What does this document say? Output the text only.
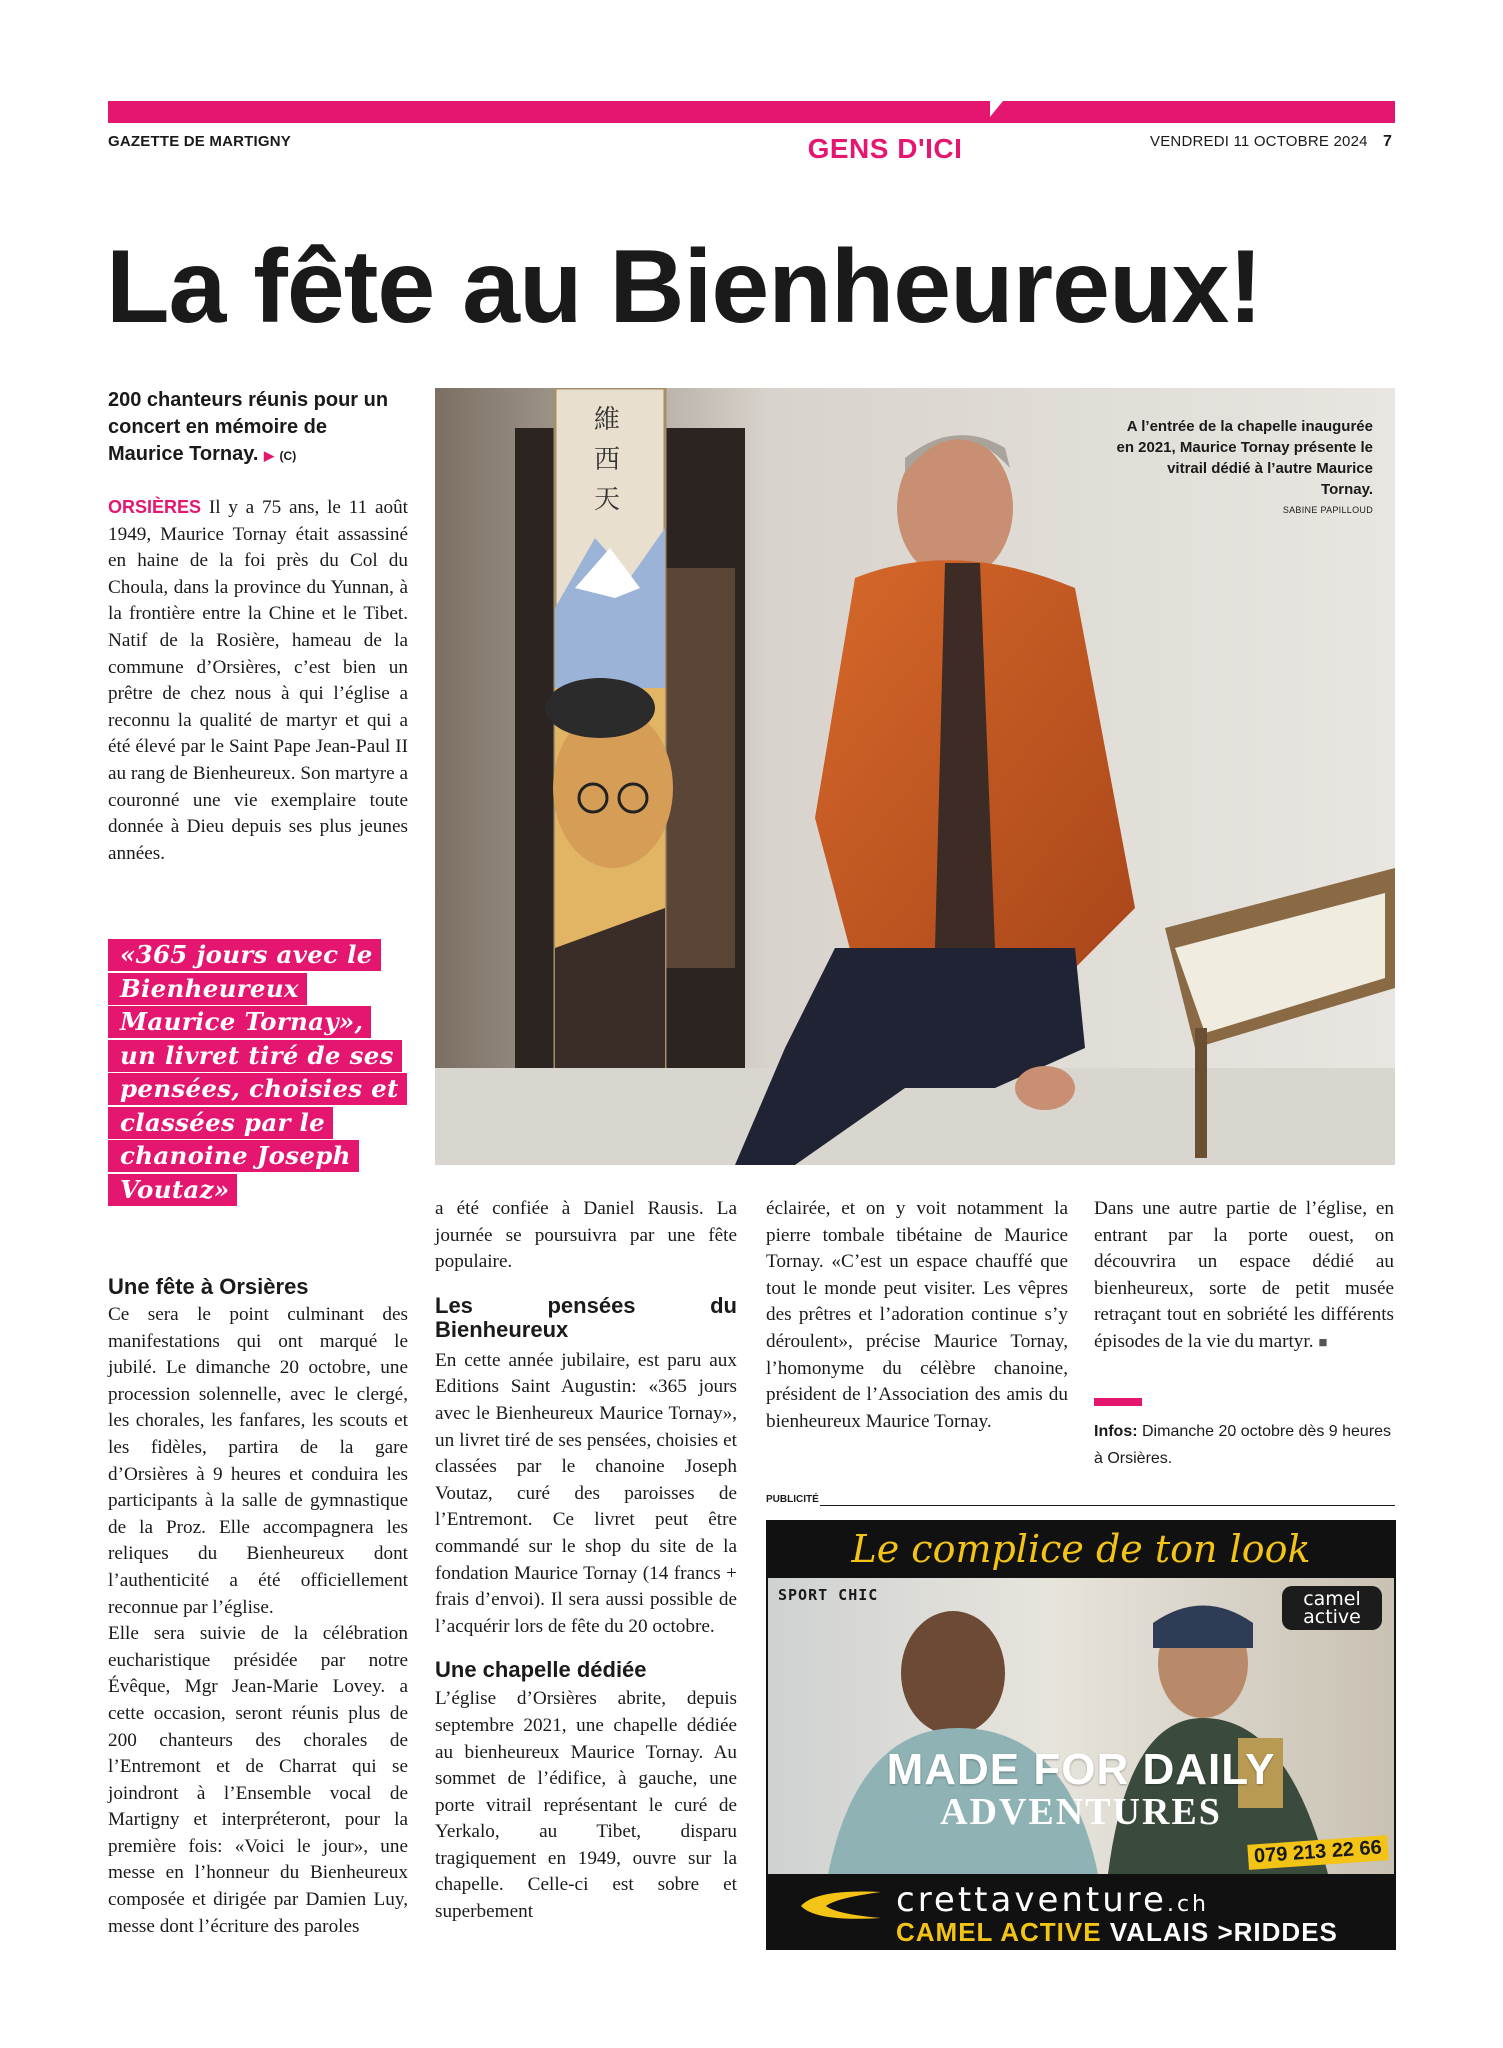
GAZETTE DE MARTIGNY	GENS D'ICI	VENDREDI 11 OCTOBRE 2024 7
La fête au Bienheureux!
200 chanteurs réunis pour un concert en mémoire de Maurice Tornay. ▶ (C)

ORSIÈRES Il y a 75 ans, le 11 août 1949, Maurice Tornay était assassiné en haine de la foi près du Col du Choula, dans la province du Yunnan, à la frontière entre la Chine et le Tibet. Natif de la Rosière, hameau de la commune d’Orsières, c’est bien un prêtre de chez nous à qui l’église a reconnu la qualité de martyr et qui a été élevé par le Saint Pape Jean-Paul II au rang de Bienheureux. Son martyre a couronné une vie exemplaire toute donnée à Dieu depuis ses plus jeunes années.

«365 jours avec le Bienheureux Maurice Tornay», un livret tiré de ses pensées, choisies et classées par le chanoine Joseph Voutaz»
Une fête à Orsières

Ce sera le point culminant des manifestations qui ont marqué le jubilé. Le dimanche 20 octobre, une procession solennelle, avec le clergé, les chorales, les fanfares, les scouts et les fidèles, partira de la gare d’Orsières à 9 heures et conduira les participants à la salle de gymnastique de la Proz. Elle accompagnera les reliques du Bienheureux dont l’authenticité a été officiellement reconnue par l’église.

Elle sera suivie de la célébration eucharistique présidée par notre Évêque, Mgr Jean-Marie Lovey. a cette occasion, seront réunis plus de 200 chanteurs des chorales de l’Entremont et de Charrat qui se joindront à l’Ensemble vocal de Martigny et interpréteront, pour la première fois: «Voici le jour», une messe en l’honneur du Bienheureux composée et dirigée par Damien Luy, messe dont l’écriture des paroles

維
西
天
A l’entrée de la chapelle inaugurée en 2021, Maurice Tornay présente le vitrail dédié à l’autre Maurice Tornay.
SABINE PAPILLOUD

a été confiée à Daniel Rausis. La journée se poursuivra par une fête populaire.

Les pensées du Bienheureux

En cette année jubilaire, est paru aux Editions Saint Augustin: «365 jours avec le Bienheureux Maurice Tornay», un livret tiré de ses pensées, choisies et classées par le chanoine Joseph Voutaz, curé des paroisses de l’Entremont. Ce livret peut être commandé sur le shop du site de la fondation Maurice Tornay (14 francs + frais d’envoi). Il sera aussi possible de l’acquérir lors de fête du 20 octobre.

Une chapelle dédiée

L’église d’Orsières abrite, depuis septembre 2021, une chapelle dédiée au bienheureux Maurice Tornay. Au sommet de l’édifice, à gauche, une porte vitrail représentant le curé de Yerkalo, au Tibet, disparu tragiquement en 1949, ouvre sur la chapelle. Celle-ci est sobre et superbement

éclairée, et on y voit notamment la pierre tombale tibétaine de Maurice Tornay. «C’est un espace chauffé que tout le monde peut visiter. Les vêpres des prêtres et l’adoration continue s’y déroulent», précise Maurice Tornay, l’homonyme du célèbre chanoine, président de l’Association des amis du bienheureux Maurice Tornay.

Dans une autre partie de l’église, en entrant par la porte ouest, on découvrira un espace dédié au bienheureux, sorte de petit musée retraçant tout en sobriété les différents épisodes de la vie du martyr. ■

Infos: Dimanche 20 octobre dès 9 heures à Orsières.
PUBLICITÉ
Le complice de ton look
SPORT CHIC	camel
active
MADE FOR DAILY
ADVENTURES
079 213 22 66
crettaventure.ch
CAMEL ACTIVE VALAIS >RIDDES
